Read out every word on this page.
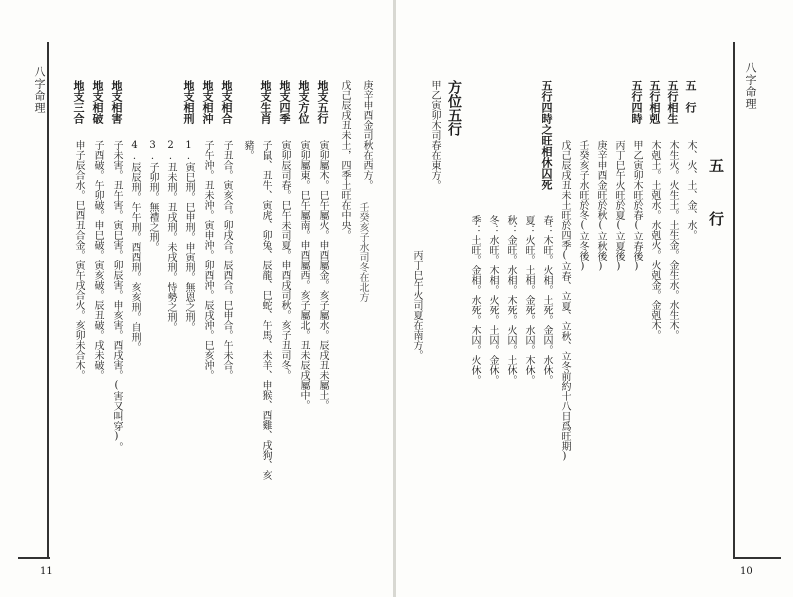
八字命理
11
壬癸亥子水司冬在北方
庚辛申酉金司秋在西方。
戊己辰戌丑未土，四季土旺在中央。
地支五行
寅卯屬木。巳午屬火。申酉屬金。亥子屬水。辰戌丑未屬土。
地支方位
寅卯屬東。巳午屬南。申酉屬西。亥子屬北。丑未辰戌屬中。
地支四季
寅卯辰司春。巳午未司夏。申酉戌司秋。亥子丑司冬。
地支生肖
子鼠、丑牛、寅虎、卯兔、辰龍、巳蛇、午馬、未羊、申猴、酉雞、戌狗、亥
豬。
地支相合
子丑合。寅亥合。卯戌合。辰酉合。巳申合。午未合。
地支相沖
子午沖。丑未沖。寅申沖。卯酉沖。辰戌沖。巳亥沖。
地支相刑
1.寅巳刑。巳申刑。申寅刑。無恩之刑。
2.丑未刑。丑戌刑。未戌刑。恃勢之刑。
3.子卯刑。無禮之刑。
4.辰辰刑。午午刑。酉酉刑。亥亥刑。自刑。
地支相害
子未害。丑午害。寅巳害。卯辰害。申亥害。酉戌害。(害又叫穿)。
地支相破
子酉破。午卯破。申巳破。寅亥破。辰丑破。戌未破。
地支三合
申子辰合水。巳酉丑合金。寅午戌合火。亥卯未合木。
八字命理
10
五 行
五　行
木、火、土、金、水。
五行相生
木生火。火生土。土生金。金生水。水生木。
五行相剋
木剋土。土剋水。水剋火。火剋金。金剋木。
五行四時
甲乙寅卯木旺於春(立春後)
丙丁巳午火旺於夏(立夏後)
庚辛申酉金旺於秋(立秋後)
壬癸亥子水旺於冬(立冬後)
戊己辰戌丑未土旺於四季(立春、立夏、立秋、立冬前約十八日爲旺期)
五行四時之旺相休囚死
春：木旺。火相。土死。金囚。水休。
夏：火旺。土相。金死。水囚。木休。
秋：金旺。水相。木死。火囚。土休。
冬：水旺。木相。火死。土囚。金休。
季：土旺。金相。水死。木囚。火休。
方位五行
甲乙寅卯木司春在東方。
丙丁巳午火司夏在南方。
